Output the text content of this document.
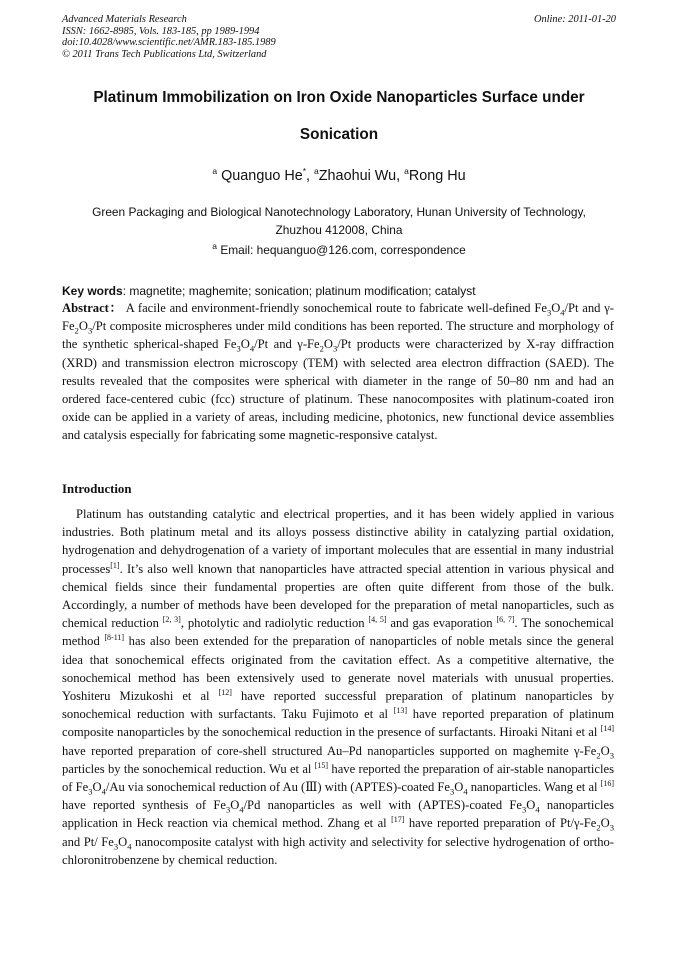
Advanced Materials Research
ISSN: 1662-8985, Vols. 183-185, pp 1989-1994
doi:10.4028/www.scientific.net/AMR.183-185.1989
© 2011 Trans Tech Publications Ltd, Switzerland
Online: 2011-01-20
Platinum Immobilization on Iron Oxide Nanoparticles Surface under
Sonication
$^a$ Quanguo He*, $^a$Zhaohui Wu, $^a$Rong Hu
Green Packaging and Biological Nanotechnology Laboratory, Hunan University of Technology,
Zhuzhou 412008, China
$^a$ Email: hequanguo@126.com, correspondence
Key words: magnetite; maghemite; sonication; platinum modification; catalyst
Abstract： A facile and environment-friendly sonochemical route to fabricate well-defined $Fe_3O_4/Pt$ and $\gamma-Fe_2O_3/Pt$ composite microspheres under mild conditions has been reported. The structure and morphology of the synthetic spherical-shaped $Fe_3O_4/Pt$ and $\gamma-Fe_2O_3/Pt$ products were characterized by X-ray diffraction (XRD) and transmission electron microscopy (TEM) with selected area electron diffraction (SAED). The results revealed that the composites were spherical with diameter in the range of 50–80 nm and had an ordered face-centered cubic (fcc) structure of platinum. These nanocomposites with platinum-coated iron oxide can be applied in a variety of areas, including medicine, photonics, new functional device assemblies and catalysis especially for fabricating some magnetic-responsive catalyst.
Introduction
Platinum has outstanding catalytic and electrical properties, and it has been widely applied in various industries. Both platinum metal and its alloys possess distinctive ability in catalyzing partial oxidation, hydrogenation and dehydrogenation of a variety of important molecules that are essential in many industrial processes[1]. It’s also well known that nanoparticles have attracted special attention in various physical and chemical fields since their fundamental properties are often quite different from those of the bulk. Accordingly, a number of methods have been developed for the preparation of metal nanoparticles, such as chemical reduction [2, 3], photolytic and radiolytic reduction [4, 5] and gas evaporation [6, 7]. The sonochemical method [8-11] has also been extended for the preparation of nanoparticles of noble metals since the general idea that sonochemical effects originated from the cavitation effect. As a competitive alternative, the sonochemical method has been extensively used to generate novel materials with unusual properties. Yoshiteru Mizukoshi et al [12] have reported successful preparation of platinum nanoparticles by sonochemical reduction with surfactants. Taku Fujimoto et al [13] have reported preparation of platinum composite nanoparticles by the sonochemical reduction in the presence of surfactants. Hiroaki Nitani et al [14] have reported preparation of core-shell structured Au–Pd nanoparticles supported on maghemite $\gamma-Fe_2O_3$ particles by the sonochemical reduction. Wu et al [15] have reported the preparation of air-stable nanoparticles of $Fe_3O_4/Au$ via sonochemical reduction of Au (Ⅲ) with (APTES)-coated $Fe_3O_4$ nanoparticles. Wang et al [16] have reported synthesis of $Fe_3O_4/Pd$ nanoparticles as well with (APTES)-coated $Fe_3O_4$ nanoparticles application in Heck reaction via chemical method. Zhang et al [17] have reported preparation of $Pt/\gamma-Fe_2O_3$ and Pt/ $Fe_3O_4$ nanocomposite catalyst with high activity and selectivity for selective hydrogenation of ortho-chloronitrobenzene by chemical reduction.
